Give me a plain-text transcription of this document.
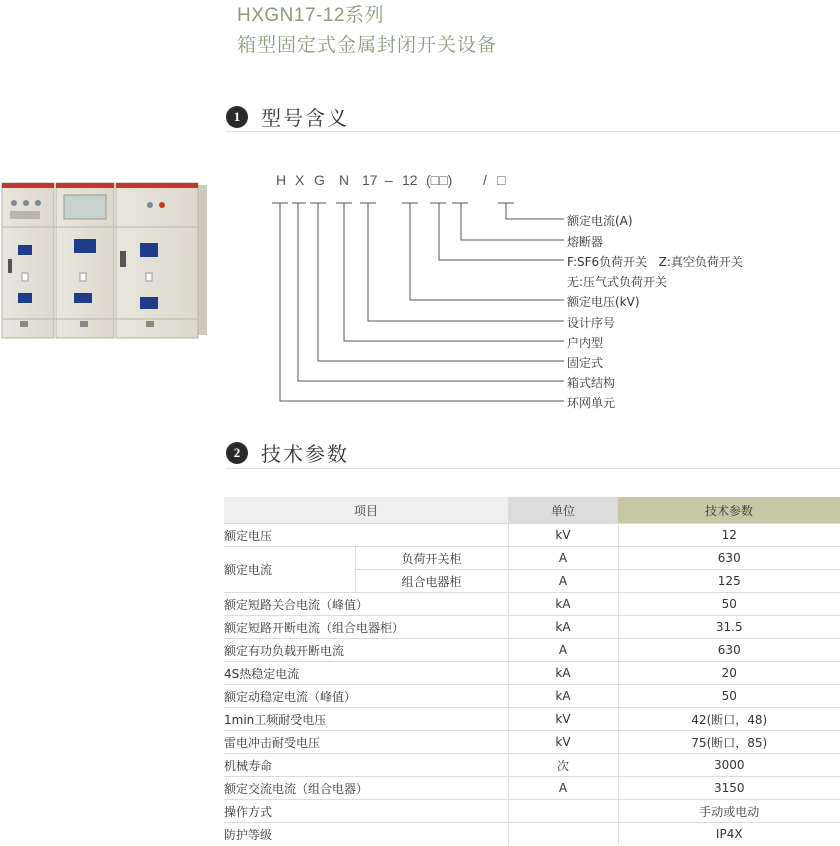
HXGN17-12系列
箱型固定式金属封闭开关设备
1	型号含义
H X G N 17 – 12 (□□) / □
额定电流(A)
熔断器
F:SF6负荷开关   Z:真空负荷开关
无:压气式负荷开关
额定电压(kV)
设计序号
户内型
固定式
箱式结构
环网单元
2	技术参数
项目		单位	技术参数
额定电压		kV	12
额定电流	负荷开关柜	A	630
	组合电器柜	A	125
额定短路关合电流（峰值）		kA	50
额定短路开断电流（组合电器柜）		kA	31.5
额定有功负载开断电流		A	630
4S热稳定电流		kA	20
额定动稳定电流（峰值）		kA	50
1min工频耐受电压		kV	42(断口，48)
雷电冲击耐受电压		kV	75(断口，85)
机械寿命		次	3000
额定交流电流（组合电器）		A	3150
操作方式			手动或电动
防护等级			IP4X
